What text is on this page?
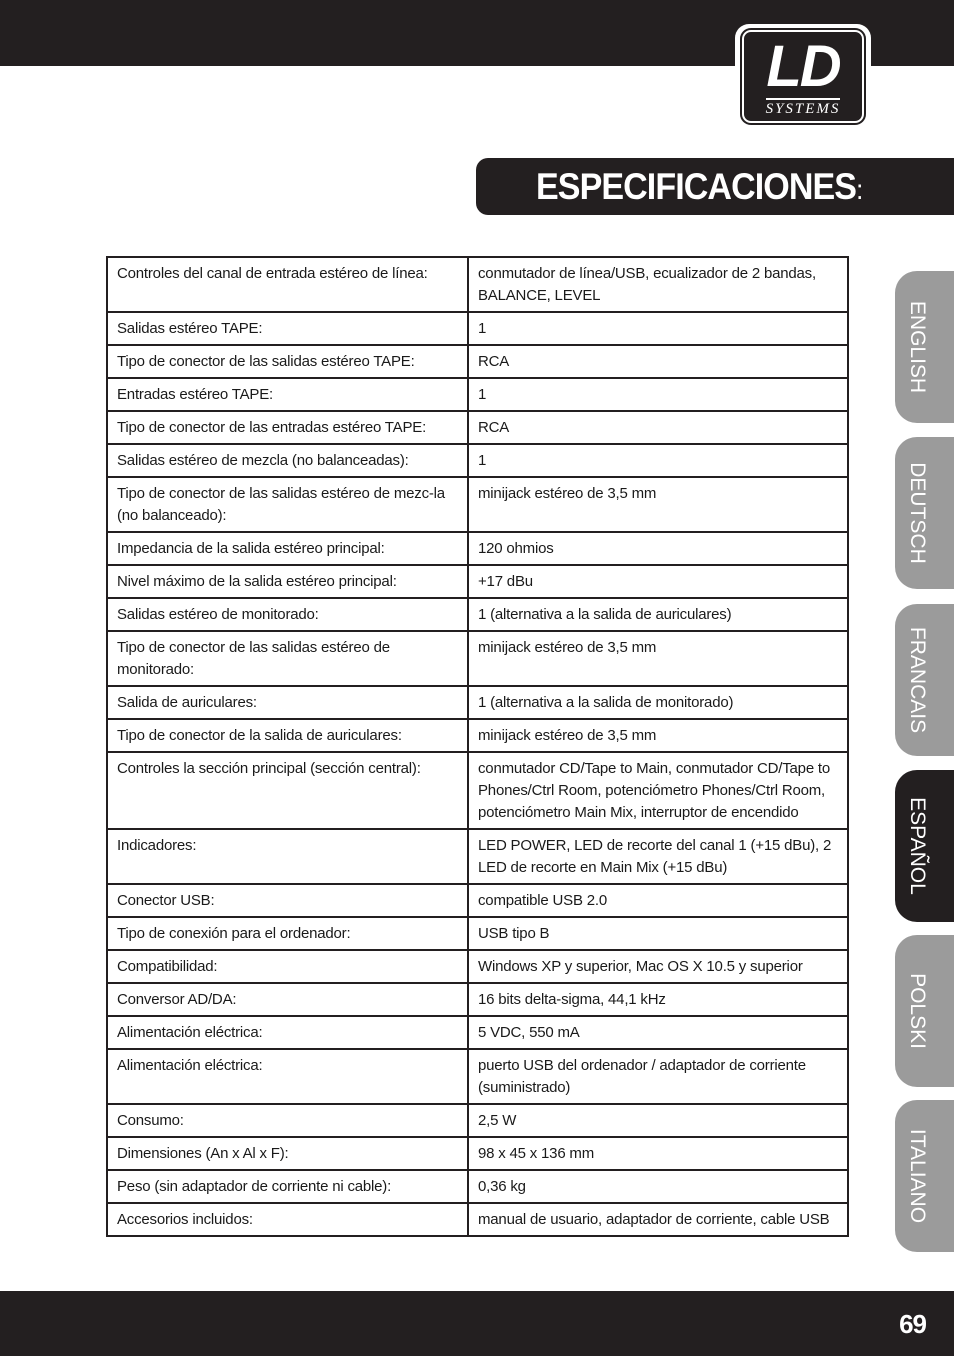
LD
SYSTEMS
ESPECIFICACIONES:
Controles del canal de entrada estéreo de línea:	conmutador de línea/USB, ecualizador de 2 bandas, BALANCE, LEVEL
Salidas estéreo TAPE:	1
Tipo de conector de las salidas estéreo TAPE:	RCA
Entradas estéreo TAPE:	1
Tipo de conector de las entradas estéreo TAPE:	RCA
Salidas estéreo de mezcla (no balanceadas):	1
Tipo de conector de las salidas estéreo de mezc-la (no balanceado):	minijack estéreo de 3,5 mm
Impedancia de la salida estéreo principal:	120 ohmios
Nivel máximo de la salida estéreo principal:	+17 dBu
Salidas estéreo de monitorado:	1 (alternativa a la salida de auriculares)
Tipo de conector de las salidas estéreo de monitorado:	minijack estéreo de 3,5 mm
Salida de auriculares:	1 (alternativa a la salida de monitorado)
Tipo de conector de la salida de auriculares:	minijack estéreo de 3,5 mm
Controles la sección principal (sección central):	conmutador CD/Tape to Main, conmutador CD/Tape to Phones/Ctrl Room, potenciómetro Phones/Ctrl Room, potenciómetro Main Mix, interruptor de encendido
Indicadores:	LED POWER, LED de recorte del canal 1 (+15 dBu), 2 LED de recorte en Main Mix (+15 dBu)
Conector USB:	compatible USB 2.0
Tipo de conexión para el ordenador:	USB tipo B
Compatibilidad:	Windows XP y superior, Mac OS X 10.5 y superior
Conversor AD/DA:	16 bits delta-sigma, 44,1 kHz
Alimentación eléctrica:	5 VDC, 550 mA
Alimentación eléctrica:	puerto USB del ordenador / adaptador de corriente (suministrado)
Consumo:	2,5 W
Dimensiones (An x Al x F):	98 x 45 x 136 mm
Peso (sin adaptador de corriente ni cable):	0,36 kg
Accesorios incluidos:	manual de usuario, adaptador de corriente, cable USB
ENGLISH
DEUTSCH
FRANCAIS
ESPAÑOL
POLSKI
ITALIANO
69
